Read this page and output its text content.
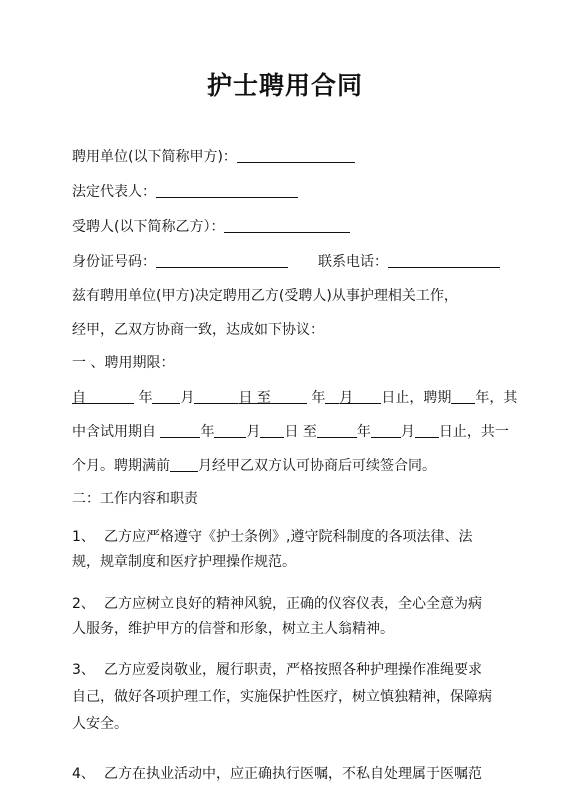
护士聘用合同
聘用单位(以下简称甲方)：
法定代表人：
受聘人(以下简称乙方）：
身份证号码：	联系电话：
兹有聘用单位(甲方)决定聘用乙方(受聘人)从事护理相关工作，
经甲，乙双方协商一致，达成如下协议：
一 、聘用期限：
自	年 月	日 至	年 月 日止，聘期 年，其
中含试用期自	年 月 日 至	年 月 日止，共一
个月。聘期满前 月经甲乙双方认可协商后可续签合同。
二：工作内容和职责
1、 乙方应严格遵守《护士条例》,遵守院科制度的各项法律、法
规，规章制度和医疗护理操作规范。
2、 乙方应树立良好的精神风貌，正确的仪容仪表，全心全意为病
人服务，维护甲方的信誉和形象，树立主人翁精神。
3、 乙方应爱岗敬业，履行职责，严格按照各种护理操作准绳要求
自己，做好各项护理工作，实施保护性医疗，树立慎独精神，保障病
人安全。
4、 乙方在执业活动中，应正确执行医嘱，不私自处理属于医嘱范
